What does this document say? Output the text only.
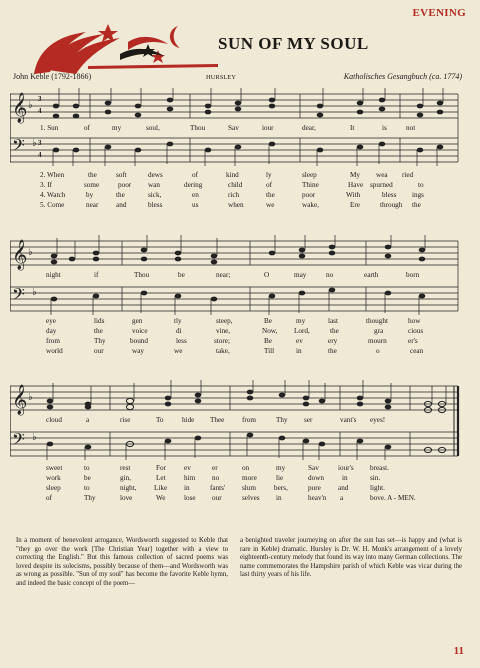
EVENING
SUN OF MY SOUL
John Keble (1792-1866)	HURSLEY	Katholisches Gesangbuch (ca. 1774)
𝄞
𝄢
♭
♭
3
4
3
4
1. Sun	of	my	soul,	Thou	Sav	iour	dear,	It	is	not
2. When	the	soft	dews	of	kind	ly	sleep	My wea ried
3. If	some	poor wan	dering	child	of	Thine	Have spurned	to
4. Watch	by	the	sick,	en	rich	the	poor	With	bless ings
5. Come	near and	bless	us	when	we	wake,	Ere	through the
𝄞
𝄢
♭
♭
night	if	Thou	be	near;	O	may	no	earth	born
eye	lids	gen	tly	steep,	Be	my	last	thought	how
day	the	voice	di	vine,	Now, Lord,	the	gra	cious
from	Thy	bound	less	store;	Be	ev	ery	mourn	er's
world	our	way	we	take,	Till	in	the	o	cean
𝄞
𝄢
♭
♭
cloud	a	rise	To	hide Thee from	Thy ser	vant's eyes!
sweet	to	rest	For	ev	er	on	my	Sav	iour's breast.
work	be	gin,	Let	him no	more	lie	down	in	sin.
sleep	to	night, Like in	fants' slum	bers,	pure and	light.
of	Thy	love	We	lose our	selves in	heav'n a	bove. A - MEN.
In a moment of benevolent arrogance, Wordsworth suggested to Keble that "they go over the work [The Christian Year] together with a view to correcting the English." But this famous collection of sacred poems was loved despite its solecisms, possibly because of them—and Wordsworth was as wrong as possible. "Sun of my soul" has become the favorite Keble hymn, and indeed the basic concept of the poem—
a benighted traveler journeying on after the sun has set—is happy and (what is rare in Keble) dramatic. Hursley is Dr. W. H. Monk's arrangement of a lovely eighteenth-century melody that found its way into many German collections. The name commemorates the Hampshire parish of which Keble was vicar during the last thirty years of his life.
11
